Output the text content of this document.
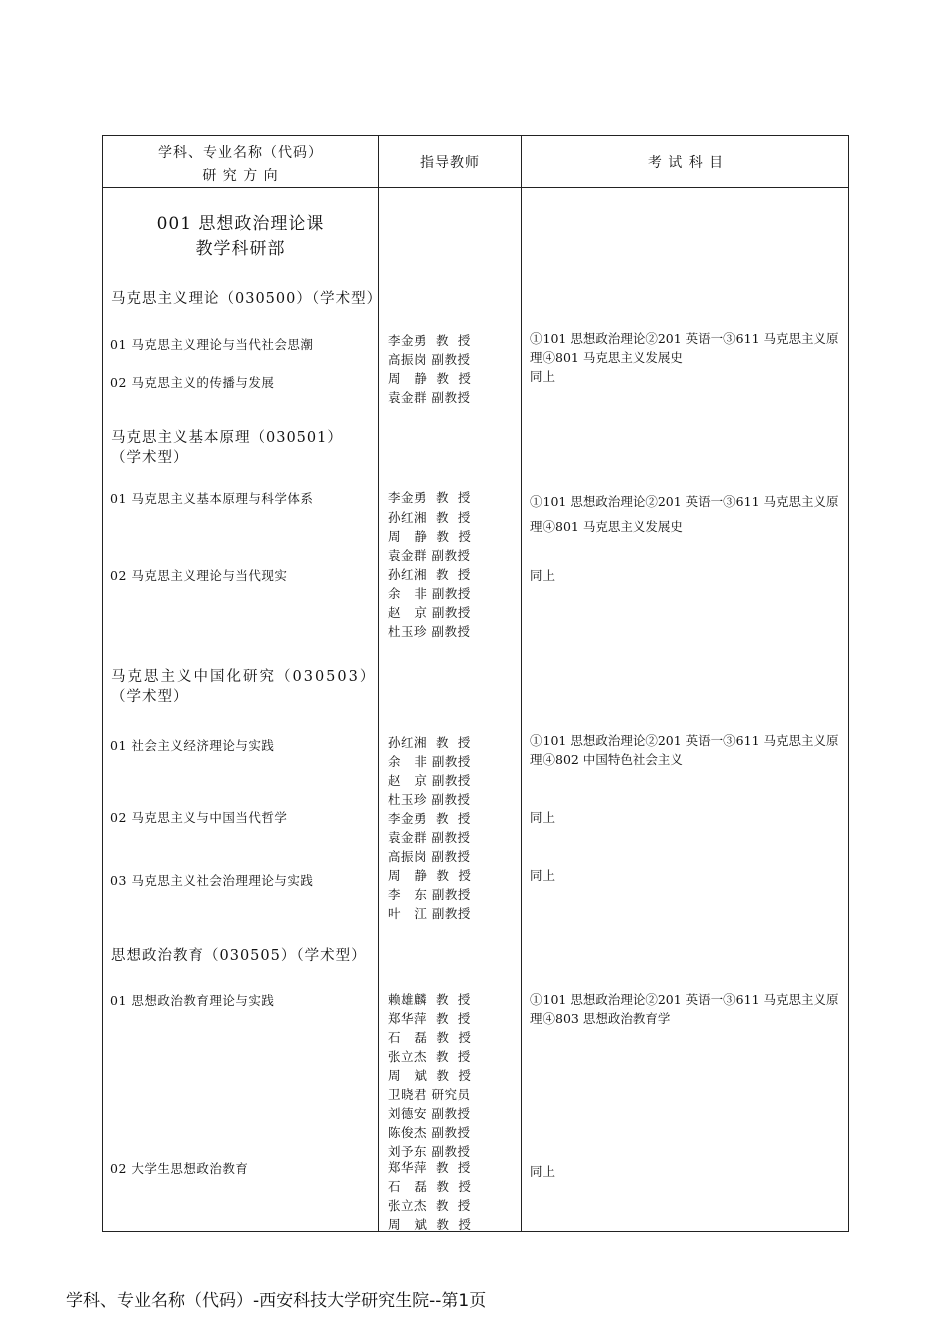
学科、专业名称（代码）
研 究 方 向
指导教师	考 试 科 目
001 思想政治理论课
教学科研部
马克思主义理论（030500）（学术型）
马克思主义基本原理（030501）
（学术型）
马克思主义中国化研究（030503）
（学术型）
思想政治教育（030505）（学术型）
01 马克思主义理论与当代社会思潮
02 马克思主义的传播与发展
01 马克思主义基本原理与科学体系
02 马克思主义理论与当代现实
01 社会主义经济理论与实践
02 马克思主义与中国当代哲学
03 马克思主义社会治理理论与实践
01 思想政治教育理论与实践
02 大学生思想政治教育
李金勇  教  授
高振岗 副教授
周   静  教  授
袁金群 副教授
李金勇  教  授
孙红湘  教  授
周   静  教  授
袁金群 副教授
孙红湘  教  授
余   非 副教授
赵   京 副教授
杜玉珍 副教授
孙红湘  教  授
余   非 副教授
赵   京 副教授
杜玉珍 副教授
李金勇  教  授
袁金群 副教授
高振岗 副教授
周   静  教  授
李   东 副教授
叶   江 副教授
赖雄麟  教  授
郑华萍  教  授
石   磊  教  授
张立杰  教  授
周   斌  教  授
卫晓君 研究员
刘德安 副教授
陈俊杰 副教授
刘予东 副教授
郑华萍  教  授
石   磊  教  授
张立杰  教  授
周   斌  教  授
①101 思想政治理论②201 英语一③611 马克思主义原理④801 马克思主义发展史
同上
①101 思想政治理论②201 英语一③611 马克思主义原理④801 马克思主义发展史
同上
①101 思想政治理论②201 英语一③611 马克思主义原理④802 中国特色社会主义
同上
同上
①101 思想政治理论②201 英语一③611 马克思主义原理④803 思想政治教育学
同上
学科、专业名称（代码）-西安科技大学研究生院--第1页
